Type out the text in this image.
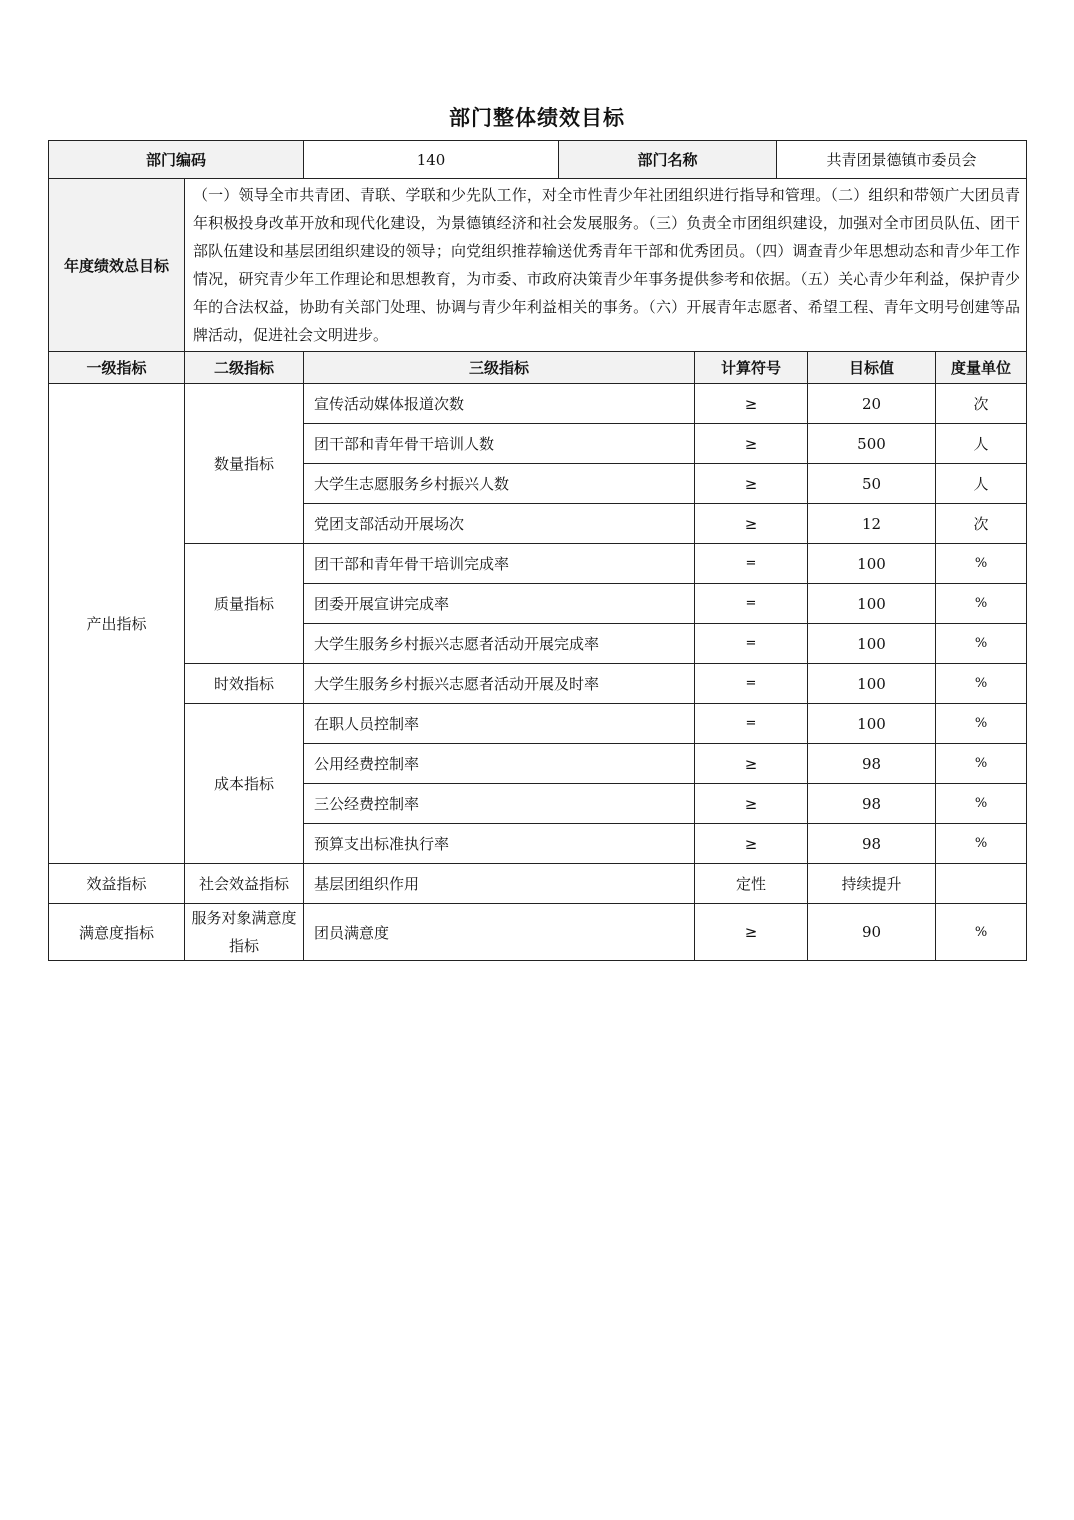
部门整体绩效目标
部门编码	140	部门名称	共青团景德镇市委员会
年度绩效总目标	（一）领导全市共青团、青联、学联和少先队工作，对全市性青少年社团组织进行指导和管理。（二）组织和带领广大团员青年积极投身改革开放和现代化建设，为景德镇经济和社会发展服务。（三）负责全市团组织建设，加强对全市团员队伍、团干部队伍建设和基层团组织建设的领导；向党组织推荐输送优秀青年干部和优秀团员。（四）调查青少年思想动态和青少年工作情况，研究青少年工作理论和思想教育，为市委、市政府决策青少年事务提供参考和依据。（五）关心青少年利益，保护青少年的合法权益，协助有关部门处理、协调与青少年利益相关的事务。（六）开展青年志愿者、希望工程、青年文明号创建等品牌活动，促进社会文明进步。				
一级指标	二级指标	三级指标	计算符号	目标值	度量单位
产出指标	数量指标	宣传活动媒体报道次数	≥	20	次
		团干部和青年骨干培训人数	≥	500	人
		大学生志愿服务乡村振兴人数	≥	50	人
		党团支部活动开展场次	≥	12	次
	质量指标	团干部和青年骨干培训完成率	=	100	%
		团委开展宣讲完成率	=	100	%
		大学生服务乡村振兴志愿者活动开展完成率	=	100	%
	时效指标	大学生服务乡村振兴志愿者活动开展及时率	=	100	%
	成本指标	在职人员控制率	=	100	%
		公用经费控制率	≥	98	%
		三公经费控制率	≥	98	%
		预算支出标准执行率	≥	98	%
效益指标	社会效益指标	基层团组织作用	定性	持续提升	
满意度指标	服务对象满意度指标	团员满意度	≥	90	%
